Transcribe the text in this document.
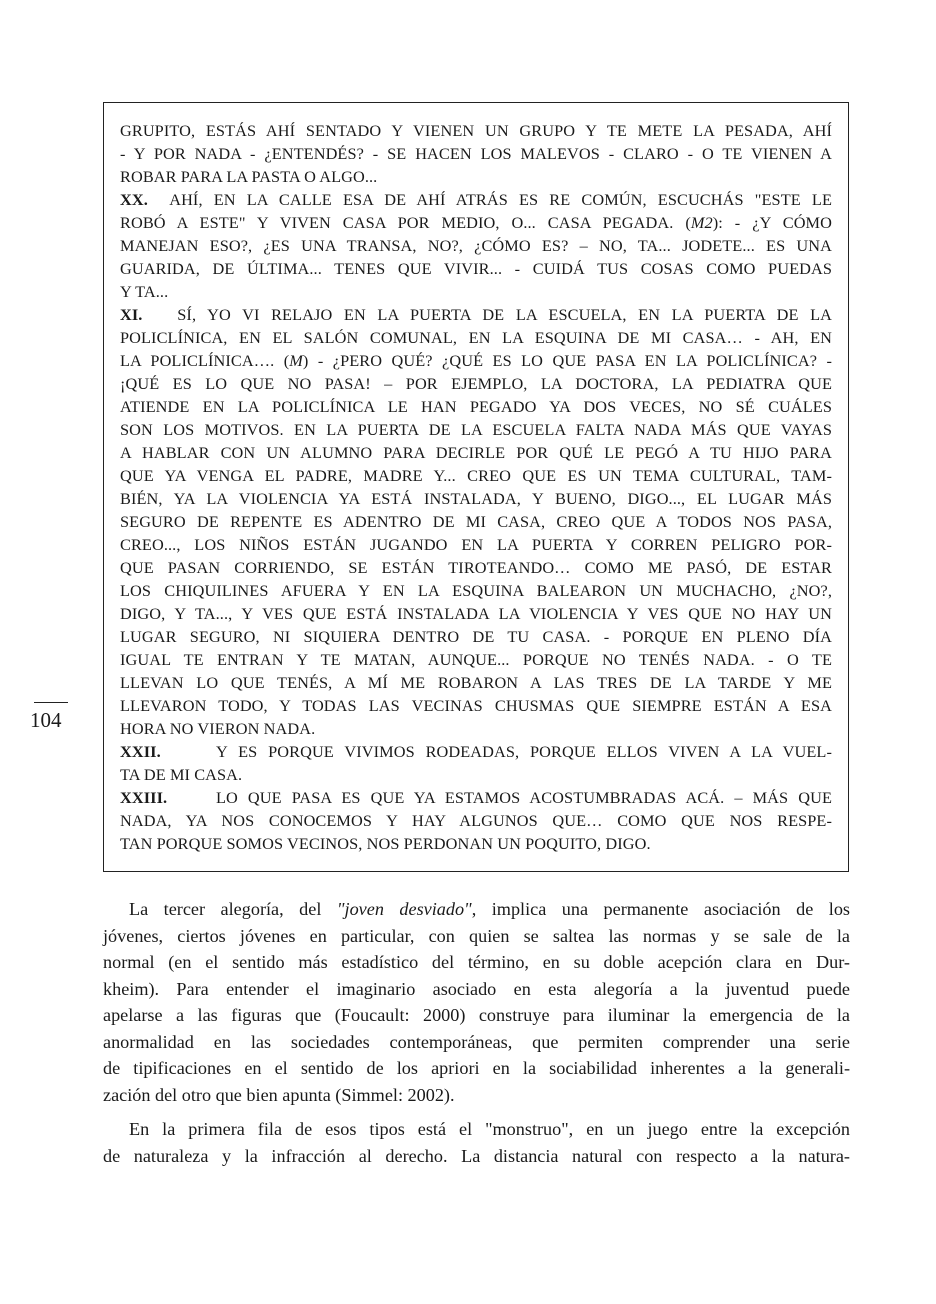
GRUPITO, ESTÁS AHÍ SENTADO Y VIENEN UN GRUPO Y TE METE LA PESADA, AHÍ

- Y POR NADA - ¿ENTENDÉS? - SE HACEN LOS MALEVOS - CLARO - O TE VIENEN A

ROBAR PARA LA PASTA O ALGO...

XX. AHÍ, EN LA CALLE ESA DE AHÍ ATRÁS ES RE COMÚN, ESCUCHÁS "ESTE LE

ROBÓ A ESTE" Y VIVEN CASA POR MEDIO, O... CASA PEGADA. (M2): - ¿Y CÓMO

MANEJAN ESO?, ¿ES UNA TRANSA, NO?, ¿CÓMO ES? – NO, TA... JODETE... ES UNA

GUARIDA, DE ÚLTIMA... TENES QUE VIVIR... - CUIDÁ TUS COSAS COMO PUEDAS

Y TA...

XI. SÍ, YO VI RELAJO EN LA PUERTA DE LA ESCUELA, EN LA PUERTA DE LA

POLICLÍNICA, EN EL SALÓN COMUNAL, EN LA ESQUINA DE MI CASA… - AH, EN

LA POLICLÍNICA…. (M) - ¿PERO QUÉ? ¿QUÉ ES LO QUE PASA EN LA POLICLÍNICA? -

¡QUÉ ES LO QUE NO PASA! – POR EJEMPLO, LA DOCTORA, LA PEDIATRA QUE

ATIENDE EN LA POLICLÍNICA LE HAN PEGADO YA DOS VECES, NO SÉ CUÁLES

SON LOS MOTIVOS. EN LA PUERTA DE LA ESCUELA FALTA NADA MÁS QUE VAYAS

A HABLAR CON UN ALUMNO PARA DECIRLE POR QUÉ LE PEGÓ A TU HIJO PARA

QUE YA VENGA EL PADRE, MADRE Y... CREO QUE ES UN TEMA CULTURAL, TAM-

BIÉN, YA LA VIOLENCIA YA ESTÁ INSTALADA, Y BUENO, DIGO..., EL LUGAR MÁS

SEGURO DE REPENTE ES ADENTRO DE MI CASA, CREO QUE A TODOS NOS PASA,

CREO..., LOS NIÑOS ESTÁN JUGANDO EN LA PUERTA Y CORREN PELIGRO POR-

QUE PASAN CORRIENDO, SE ESTÁN TIROTEANDO… COMO ME PASÓ, DE ESTAR

LOS CHIQUILINES AFUERA Y EN LA ESQUINA BALEARON UN MUCHACHO, ¿NO?,

DIGO, Y TA..., Y VES QUE ESTÁ INSTALADA LA VIOLENCIA Y VES QUE NO HAY UN

LUGAR SEGURO, NI SIQUIERA DENTRO DE TU CASA. - PORQUE EN PLENO DÍA

IGUAL TE ENTRAN Y TE MATAN, AUNQUE... PORQUE NO TENÉS NADA. - O TE

LLEVAN LO QUE TENÉS, A MÍ ME ROBARON A LAS TRES DE LA TARDE Y ME

LLEVARON TODO, Y TODAS LAS VECINAS CHUSMAS QUE SIEMPRE ESTÁN A ESA

HORA NO VIERON NADA.

XXII.	Y ES PORQUE VIVIMOS RODEADAS, PORQUE ELLOS VIVEN A LA VUEL-

TA DE MI CASA.

XXIII.	LO QUE PASA ES QUE YA ESTAMOS ACOSTUMBRADAS ACÁ. – MÁS QUE

NADA, YA NOS CONOCEMOS Y HAY ALGUNOS QUE… COMO QUE NOS RESPE-

TAN PORQUE SOMOS VECINOS, NOS PERDONAN UN POQUITO, DIGO.

104

La tercer alegoría, del "joven desviado", implica una permanente asociación de los

jóvenes, ciertos jóvenes en particular, con quien se saltea las normas y se sale de la

normal (en el sentido más estadístico del término, en su doble acepción clara en Dur-

kheim). Para entender el imaginario asociado en esta alegoría a la juventud puede

apelarse a las figuras que (Foucault: 2000) construye para iluminar la emergencia de la

anormalidad en las sociedades contemporáneas, que permiten comprender una serie

de tipificaciones en el sentido de los apriori en la sociabilidad inherentes a la generali-

zación del otro que bien apunta (Simmel: 2002).

En la primera fila de esos tipos está el "monstruo", en un juego entre la excepción

de naturaleza y la infracción al derecho. La distancia natural con respecto a la natura-
